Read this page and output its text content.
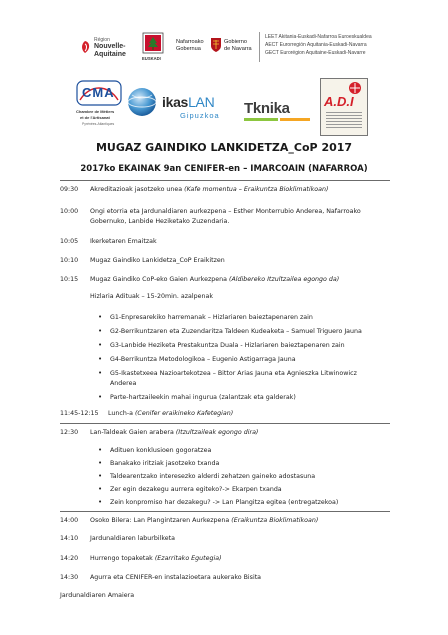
Région
Nouvelle-
Aquitaine
EUSKADI
Nafarroako
Gobernua
Gobierno
de Navarra
LEET Akitania-Euskadi-Nafarroa Euroeskualdea
AECT Eurorregión Aquitania-Euskadi-Navarra
GECT Eurorégion Aquitaine-Euskadi-Navarre
CMA
Chambre de Métiers
et de l'Artisanat
Pyrénées-Atlantiques
ikasLAN
Gipuzkoa Tknika	A.D.I
MUGAZ GAINDIKO LANKIDETZA_CoP 2017
2017ko EKAINAK 9an CENIFER-en – IMARCOAIN (NAFARROA)
09:30 Akreditazioak jasotzeko unea (Kafe momentua – Eraikuntza Bioklimatikoan)
10:00 Ongi etorria eta Jardunaldiaren aurkezpena – Esther Monterrubio Anderea, Nafarroako
Gobernuko, Lanbide Heziketako Zuzendaria.
10:05 Ikerketaren Emaitzak
10:10 Mugaz Gaindiko Lankidetza_CoP Eraikitzen
10:15 Mugaz Gaindiko CoP-eko Gaien Aurkezpena (Aldibereko Itzultzailea egongo da)
Hizlaria Adituak – 15-20min. azalpenak
• G1-Enpresarekiko harremanak – Hizlariaren baieztapenaren zain
• G2-Berrikuntzaren eta Zuzendaritza Taldeen Kudeaketa – Samuel Triguero Jauna
• G3-Lanbide Heziketa Prestakuntza Duala - Hizlariaren baieztapenaren zain
• G4-Berrikuntza Metodologikoa – Eugenio Astigarraga Jauna
• G5-Ikastetxeea Nazioartekotzea – Bittor Arias Jauna eta Agnieszka Litwinowicz
Anderea
• Parte-hartzaileekin mahai ingurua (zalantzak eta galderak)
11:45-12:15 Lunch-a (Cenifer eraikineko Kafetegian)
12:30 Lan-Taldeak Gaien arabera (Itzultzaileak egongo dira)
• Adituen konklusioen gogoratzea
• Banakako iritziak jasotzeko txanda
• Taldearentzako interesezko alderdi zehatzen gaineko adostasuna
• Zer egin dezakegu aurrera egiteko?-> Ekarpen txanda
• Zein konpromiso har dezakegu? -> Lan Plangitza egitea (entregatzekoa)
14:00 Osoko Bilera: Lan Plangintzaren Aurkezpena (Eraikuntza Bioklimatikoan)
14:10 Jardunaldiaren laburbilketa
14:20 Hurrengo topaketak (Ezarritako Egutegia)
14:30 Agurra eta CENIFER-en instalazioetara aukerako Bisita
Jardunaldiaren Amaiera
